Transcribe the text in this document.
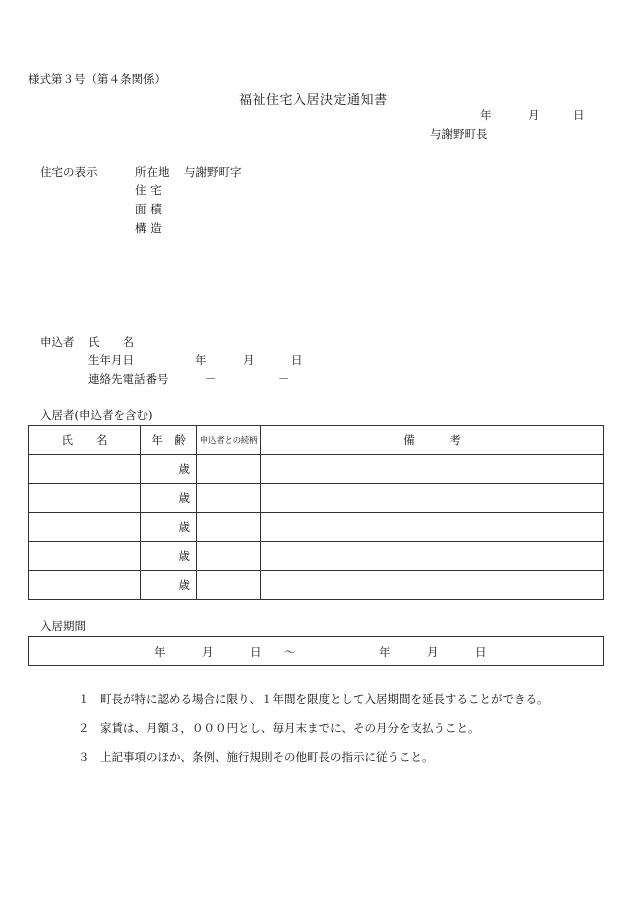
様式第３号（第４条関係）
福祉住宅入居決定通知書
年	月	日
与謝野町長
住宅の表示	所在地 与謝野町字
住 宅
面 積
構 造
申込者 氏　　名
生年月日	年	月	日
連絡先電話番号	－	－
入居者(申込者を含む)
氏　　名	年　齢	申込者との続柄	備　　　考
	歳		
	歳		
	歳		
	歳		
	歳		
入居期間
年	月	日 ～	年	月	日
１ 町長が特に認める場合に限り、１年間を限度として入居期間を延長することができる。
２ 家賃は、月額３，０００円とし、毎月末までに、その月分を支払うこと。
３ 上記事項のほか、条例、施行規則その他町長の指示に従うこと。
